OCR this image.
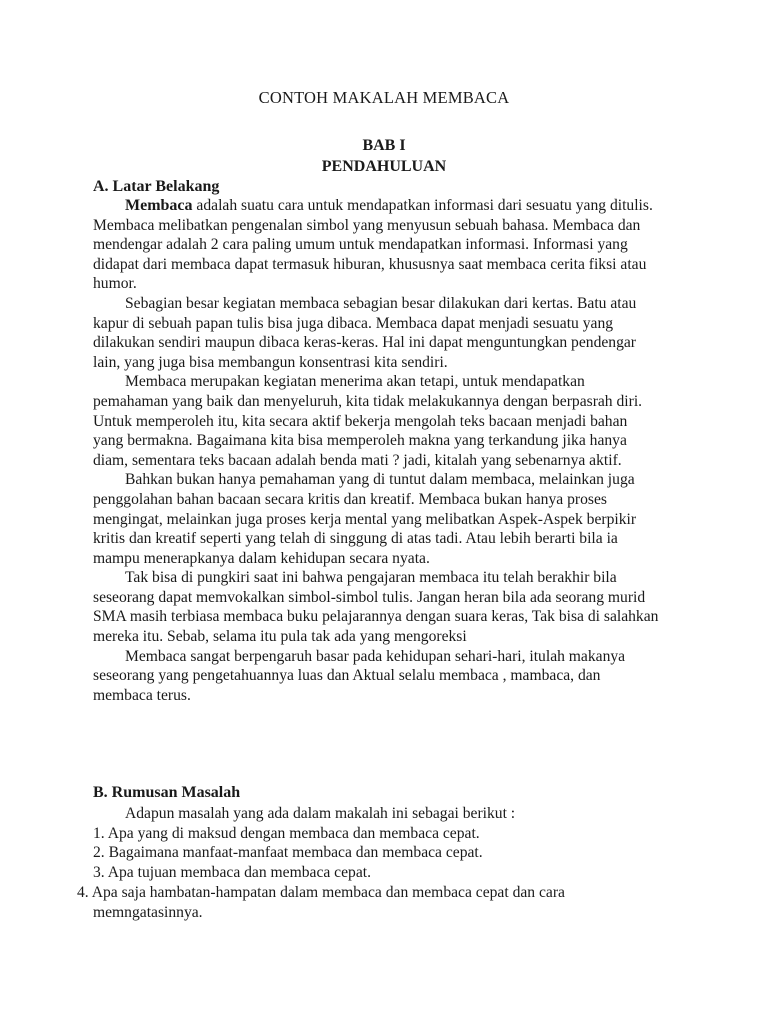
CONTOH MAKALAH MEMBACA
BAB I
PENDAHULUAN
A. Latar Belakang

Membaca adalah suatu cara untuk mendapatkan informasi dari sesuatu yang ditulis. Membaca melibatkan pengenalan simbol yang menyusun sebuah bahasa. Membaca dan mendengar adalah 2 cara paling umum untuk mendapatkan informasi. Informasi yang didapat dari membaca dapat termasuk hiburan, khususnya saat membaca cerita fiksi atau humor.

Sebagian besar kegiatan membaca sebagian besar dilakukan dari kertas. Batu atau kapur di sebuah papan tulis bisa juga dibaca. Membaca dapat menjadi sesuatu yang dilakukan sendiri maupun dibaca keras-keras. Hal ini dapat menguntungkan pendengar lain, yang juga bisa membangun konsentrasi kita sendiri.

Membaca merupakan kegiatan menerima akan tetapi, untuk mendapatkan pemahaman yang baik dan menyeluruh, kita tidak melakukannya dengan berpasrah diri. Untuk memperoleh itu, kita secara aktif bekerja mengolah teks bacaan menjadi bahan yang bermakna. Bagaimana kita bisa memperoleh makna yang terkandung jika hanya diam, sementara teks bacaan adalah benda mati ? jadi, kitalah yang sebenarnya aktif.

Bahkan bukan hanya pemahaman yang di tuntut dalam membaca, melainkan juga penggolahan bahan bacaan secara kritis dan kreatif. Membaca bukan hanya proses mengingat, melainkan juga proses kerja mental yang melibatkan Aspek-Aspek berpikir kritis dan kreatif seperti yang telah di singgung di atas tadi. Atau lebih berarti bila ia mampu menerapkanya dalam kehidupan secara nyata.

Tak bisa di pungkiri saat ini bahwa pengajaran membaca itu telah berakhir bila seseorang dapat memvokalkan simbol-simbol tulis. Jangan heran bila ada seorang murid SMA masih terbiasa membaca buku pelajarannya dengan suara keras, Tak bisa di salahkan mereka itu. Sebab, selama itu pula tak ada yang mengoreksi

Membaca sangat berpengaruh basar pada kehidupan sehari-hari, itulah makanya seseorang yang pengetahuannya luas dan Aktual selalu membaca , mambaca, dan membaca terus.

B. Rumusan Masalah

Adapun masalah yang ada dalam makalah ini sebagai berikut :

1. Apa yang di maksud dengan membaca dan membaca cepat.
2. Bagaimana manfaat-manfaat membaca dan membaca cepat.
3. Apa tujuan membaca dan membaca cepat.
4. Apa saja hambatan-hampatan dalam membaca dan membaca cepat dan cara
memngatasinnya.
